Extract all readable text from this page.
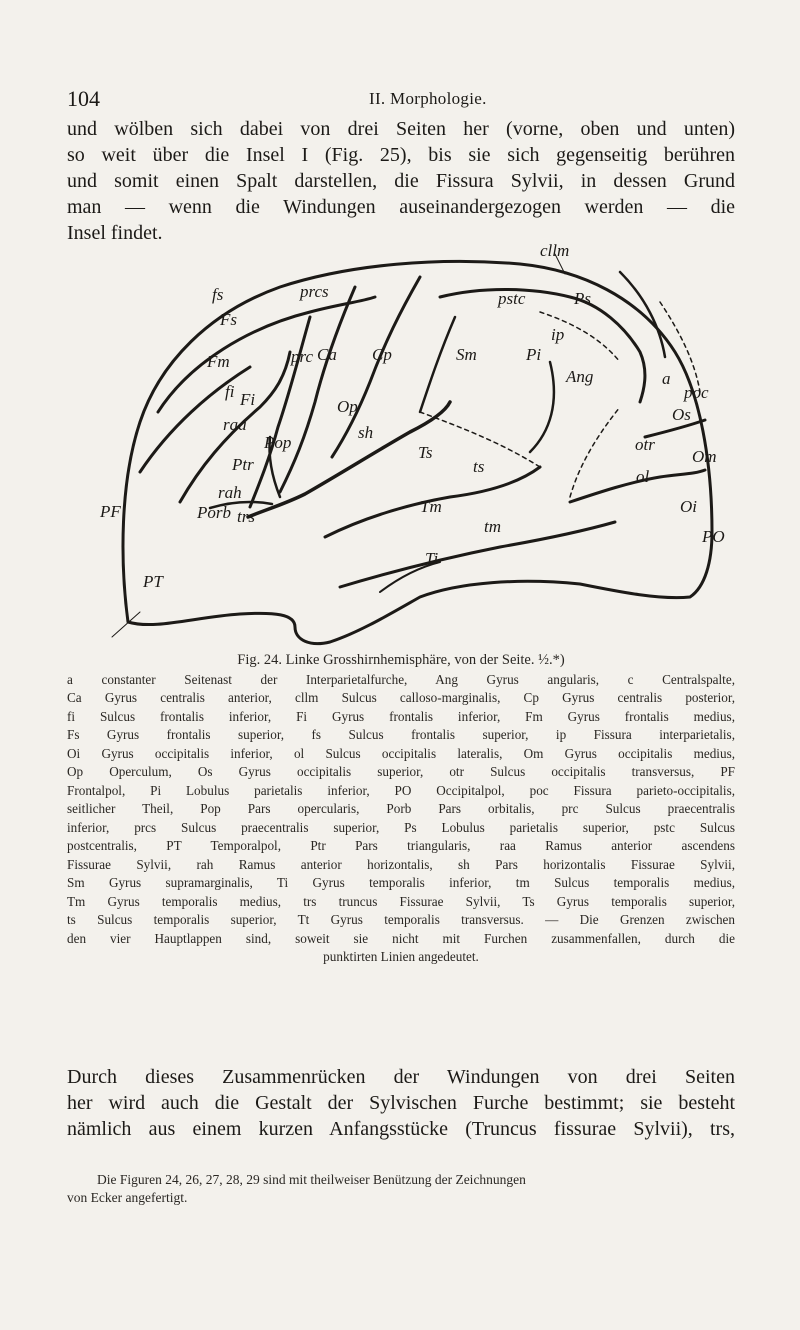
104	II. Morphologie.
und wölben sich dabei von drei Seiten her (vorne, oben und unten)
so weit über die Insel I (Fig. 25), bis sie sich gegenseitig berühren
und somit einen Spalt darstellen, die Fissura Sylvii, in dessen Grund
man — wenn die Windungen auseinandergezogen werden — die
Insel findet.
cllm
prcs	pstc	Ps
fs
Fs
Fm	prc Ca Cp	Sm	Pi
ip
Ang	a
poc
Os
fi Fi
raa
Op
Pop
sh
Ts
Ptr
rah
ts
otr
Om
ol
PF	Porb trs
Tm
tm
Oi
PO
PT
Ti
Fig. 24. Linke Grosshirnhemisphäre, von der Seite. ½.*)
a constanter Seitenast der Interparietalfurche, Ang Gyrus angularis, c Centralspalte,
Ca Gyrus centralis anterior, cllm Sulcus calloso-marginalis, Cp Gyrus centralis posterior,
fi Sulcus frontalis inferior, Fi Gyrus frontalis inferior, Fm Gyrus frontalis medius,
Fs Gyrus frontalis superior, fs Sulcus frontalis superior, ip Fissura interparietalis,
Oi Gyrus occipitalis inferior, ol Sulcus occipitalis lateralis, Om Gyrus occipitalis medius,
Op Operculum, Os Gyrus occipitalis superior, otr Sulcus occipitalis transversus, PF
Frontalpol, Pi Lobulus parietalis inferior, PO Occipitalpol, poc Fissura parieto-occipitalis,
seitlicher Theil, Pop Pars opercularis, Porb Pars orbitalis, prc Sulcus praecentralis
inferior, prcs Sulcus praecentralis superior, Ps Lobulus parietalis superior, pstc Sulcus
postcentralis, PT Temporalpol, Ptr Pars triangularis, raa Ramus anterior ascendens
Fissurae Sylvii, rah Ramus anterior horizontalis, sh Pars horizontalis Fissurae Sylvii,
Sm Gyrus supramarginalis, Ti Gyrus temporalis inferior, tm Sulcus temporalis medius,
Tm Gyrus temporalis medius, trs truncus Fissurae Sylvii, Ts Gyrus temporalis superior,
ts Sulcus temporalis superior, Tt Gyrus temporalis transversus. — Die Grenzen zwischen
den vier Hauptlappen sind, soweit sie nicht mit Furchen zusammenfallen, durch die
punktirten Linien angedeutet.
Durch dieses Zusammenrücken der Windungen von drei Seiten
her wird auch die Gestalt der Sylvischen Furche bestimmt; sie besteht
nämlich aus einem kurzen Anfangsstücke (Truncus fissurae Sylvii), trs,
Die Figuren 24, 26, 27, 28, 29 sind mit theilweiser Benützung der Zeichnungen
von Ecker angefertigt.
